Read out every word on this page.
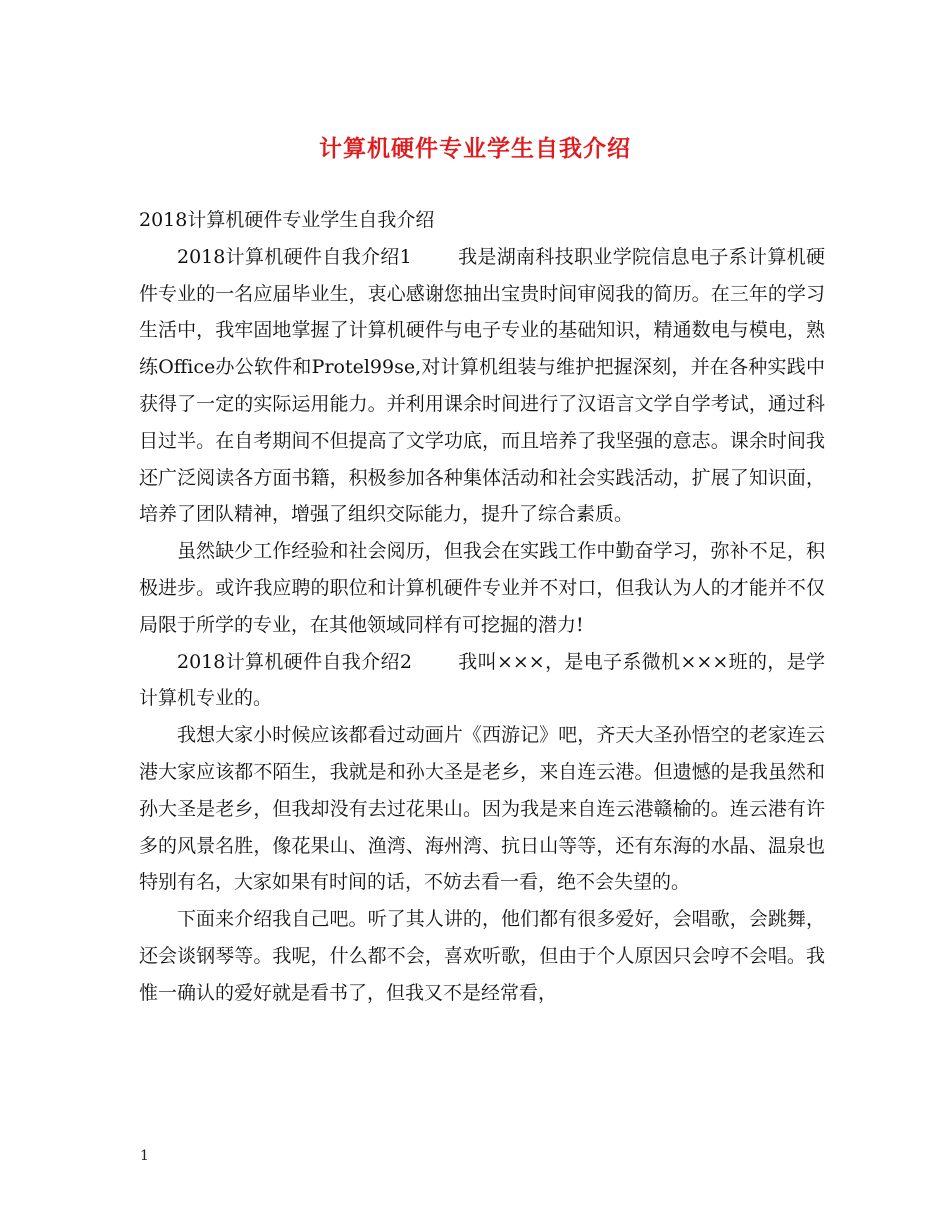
计算机硬件专业学生自我介绍

2018计算机硬件专业学生自我介绍

2018计算机硬件自我介绍1 我是湖南科技职业学院信息电子系计算机硬件专业的一名应届毕业生，衷心感谢您抽出宝贵时间审阅我的简历。在三年的学习生活中，我牢固地掌握了计算机硬件与电子专业的基础知识，精通数电与模电，熟练Office办公软件和Protel99se,对计算机组装与维护把握深刻，并在各种实践中获得了一定的实际运用能力。并利用课余时间进行了汉语言文学自学考试，通过科目过半。在自考期间不但提高了文学功底，而且培养了我坚强的意志。课余时间我还广泛阅读各方面书籍，积极参加各种集体活动和社会实践活动，扩展了知识面，培养了团队精神，增强了组织交际能力，提升了综合素质。

虽然缺少工作经验和社会阅历，但我会在实践工作中勤奋学习，弥补不足，积极进步。或许我应聘的职位和计算机硬件专业并不对口，但我认为人的才能并不仅局限于所学的专业，在其他领域同样有可挖掘的潜力!

2018计算机硬件自我介绍2 我叫×××，是电子系微机×××班的，是学计算机专业的。

我想大家小时候应该都看过动画片《西游记》吧，齐天大圣孙悟空的老家连云港大家应该都不陌生，我就是和孙大圣是老乡，来自连云港。但遗憾的是我虽然和孙大圣是老乡，但我却没有去过花果山。因为我是来自连云港赣榆的。连云港有许多的风景名胜，像花果山、渔湾、海州湾、抗日山等等，还有东海的水晶、温泉也特别有名，大家如果有时间的话，不妨去看一看，绝不会失望的。

下面来介绍我自己吧。听了其人讲的，他们都有很多爱好，会唱歌，会跳舞，还会谈钢琴等。我呢，什么都不会，喜欢听歌，但由于个人原因只会哼不会唱。我惟一确认的爱好就是看书了，但我又不是经常看，

1
